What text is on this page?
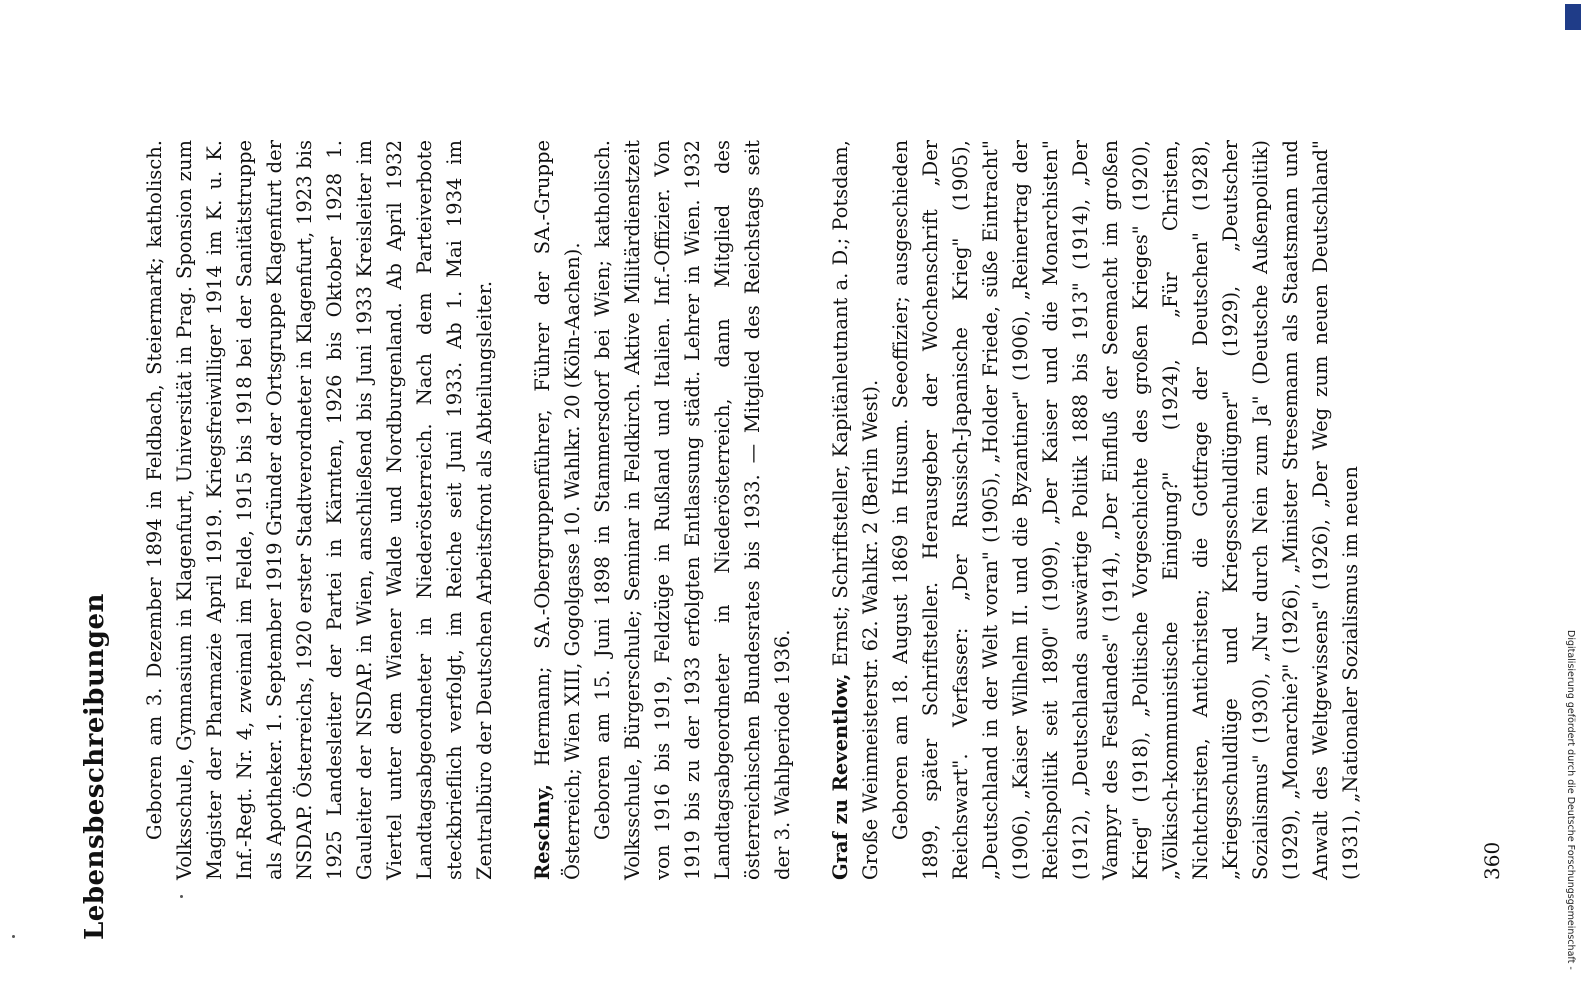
Lebensbeschreibungen Geboren am 3. Dezember 1894 in Feldbach, Steiermark; katholisch. Volksschule, Gymnasium in Klagenfurt, Universität in Prag. Sponsion zum Magister der Pharmazie April 1919. Kriegsfreiwilliger 1914 im K. u. K. Inf.-Regt. Nr. 4, zweimal im Felde, 1915 bis 1918 bei der Sanitätstruppe als Apotheker. 1. September 1919 Gründer der Ortsgruppe Klagenfurt der NSDAP. Österreichs, 1920 erster Stadtverordneter in Klagenfurt, 1923 bis 1925 Landesleiter der Partei in Kärnten, 1926 bis Oktober 1928 1. Gauleiter der NSDAP. in Wien, anschließend bis Juni 1933 Kreisleiter im Viertel unter dem Wiener Walde und Nordburgenland. Ab April 1932 Landtagsabgeordneter in Niederösterreich. Nach dem Parteiverbote steckbrieflich verfolgt, im Reiche seit Juni 1933. Ab 1. Mai 1934 im Zentralbüro der Deutschen Arbeitsfront als Abteilungsleiter. Reschny, Hermann; SA.-Obergruppenführer, Führer der SA.-Gruppe Österreich; Wien XIII, Gogolgasse 10. Wahlkr. 20 (Köln-Aachen). Geboren am 15. Juni 1898 in Stammersdorf bei Wien; katholisch. Volksschule, Bürgerschule; Seminar in Feldkirch. Aktive Militärdienstzeit von 1916 bis 1919, Feldzüge in Rußland und Italien. Inf.-Offizier. Von 1919 bis zu der 1933 erfolgten Entlassung städt. Lehrer in Wien. 1932 Landtagsabgeordneter in Niederösterreich, dann Mitglied des österreichischen Bundesrates bis 1933. — Mitglied des Reichstags seit der 3. Wahlperiode 1936. Graf zu Reventlow, Ernst; Schriftsteller, Kapitänleutnant a. D.; Potsdam, Große Weinmeisterstr. 62. Wahlkr. 2 (Berlin West). Geboren am 18. August 1869 in Husum. Seeoffizier; ausgeschieden 1899, später Schriftsteller. Herausgeber der Wochenschrift „Der Reichswart". Verfasser: „Der Russisch-Japanische Krieg" (1905), „Deutschland in der Welt voran" (1905), „Holder Friede, süße Eintracht" (1906), „Kaiser Wilhelm II. und die Byzantiner" (1906), „Reinertrag der Reichspolitik seit 1890" (1909), „Der Kaiser und die Monarchisten" (1912), „Deutschlands auswärtige Politik 1888 bis 1913" (1914), „Der Vampyr des Festlandes" (1914), „Der Einfluß der Seemacht im großen Krieg" (1918), „Politische Vorgeschichte des großen Krieges" (1920), „Völkisch-kommunistische Einigung?" (1924), „Für Christen, Nichtchristen, Antichristen; die Gottfrage der Deutschen" (1928), „Kriegsschuldlüge und Kriegsschuldlügner" (1929), „Deutscher Sozialismus" (1930), „Nur durch Nein zum Ja" (Deutsche Außenpolitik) (1929), „Monarchie?" (1926), „Minister Stresemann als Staatsmann und Anwalt des Weltgewissens" (1926), „Der Weg zum neuen Deutschland" (1931), „Nationaler Sozialismus im neuen	360	Digitalisierung gefördert durch die Deutsche Forschungsgemeinschaft -
